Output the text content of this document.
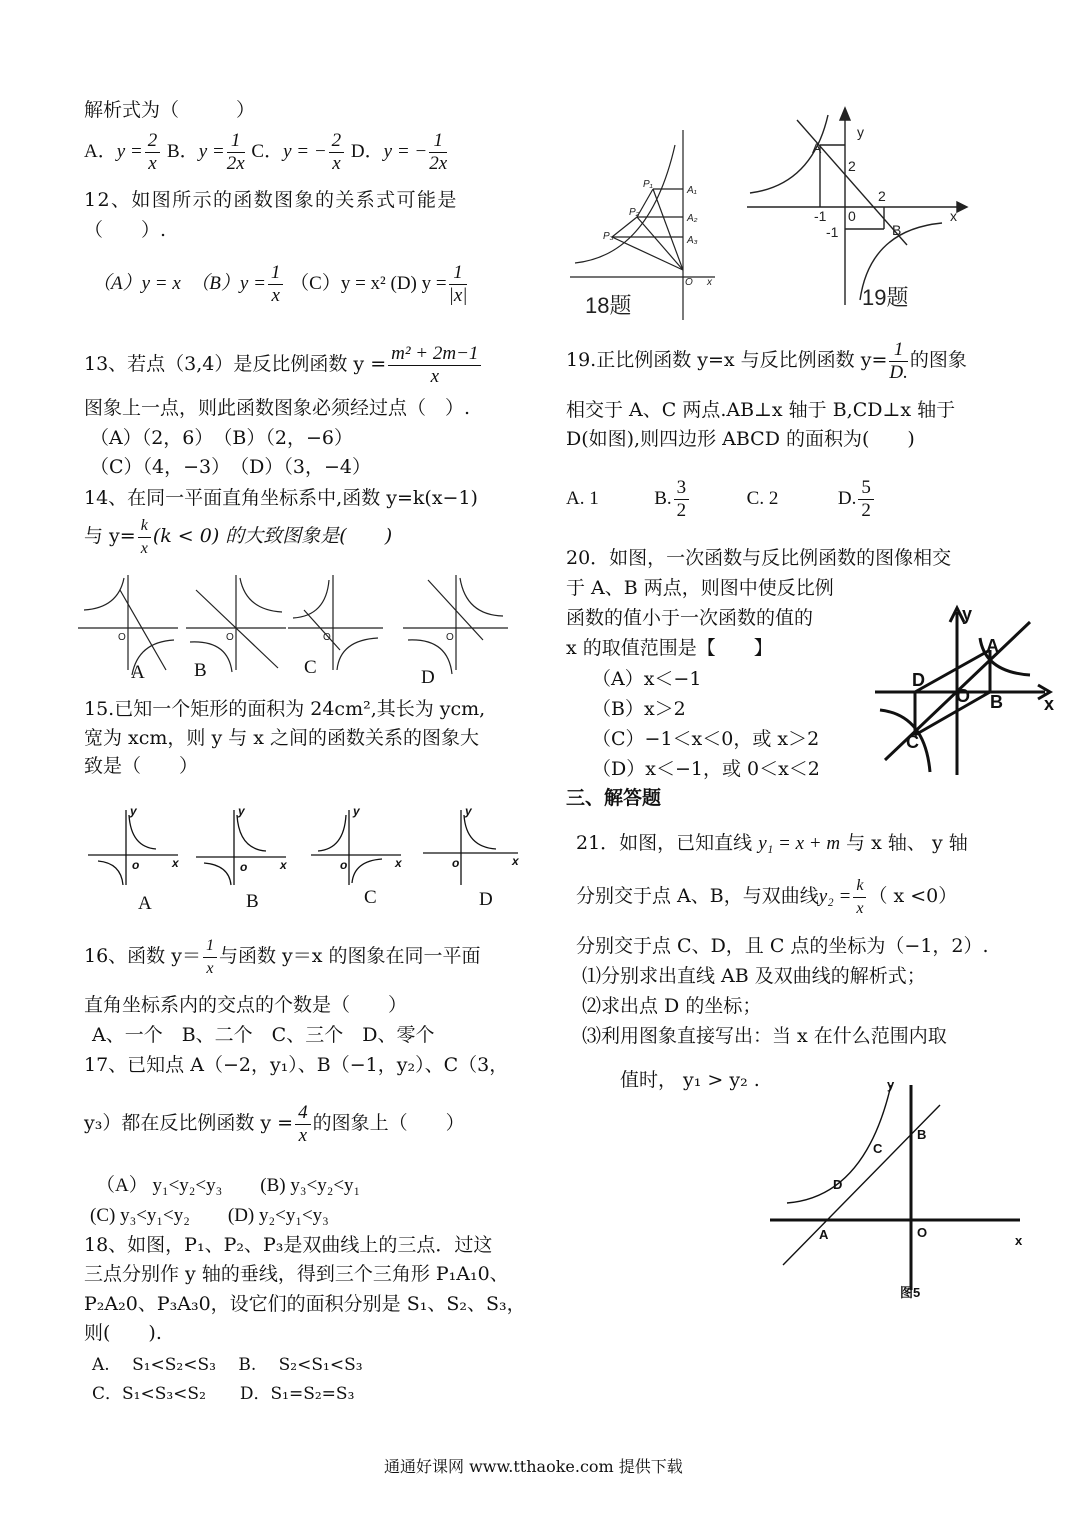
解析式为（　　　）
A．$y = \frac{2}{x}$ B．$y = \frac{1}{2x}$ C．y = − $\frac{2}{x}$ D．y = − $\frac{1}{2x}$
12、如图所示的函数图象的关系式可能是
（　　）.
（A）y = x　$(B)y = \frac{1}{x} (C)y = x^2$ (D) $y = \frac{1}{|x|}$
13、若点（3,4）是反比例函数 $y = \frac{\text{m² + 2m−1}}{x}$
图象上一点，则此函数图象必须经过点（　）.
（A）（2，6）　（B）（2，−6）
（C）（4，−3）　（D）（3，−4）
14、在同一平面直角坐标系中,函数 y=k(x−1)
与 $y= \frac{k}{x} (k < 0)$ 的大致图象是(　　)
O	O	O	O
A	B	C	D
15.已知一个矩形的面积为 24cm²,其长为 ycm,
宽为 xcm，则 y 与 x 之间的函数关系的图象大
致是（　　）
y	y	y	y
o	o	o	o
x	x	x	x
A	B	C	D
16、函数 $y= \frac{1}{x}$ 与函数 y＝x 的图象在同一平面
直角坐标系内的交点的个数是（　　）
A、一个　B、二个　C、三个　D、零个
17、已知点 A（−2，y₁）、B（−1，y₂）、C（3，
y₃）都在反比例函数 $y = \frac{4}{x}$ 的图象上（　　）
（A） y₁<y₂<y₃　　(B) y₃<y₂<y₁
(C) y₃<y₁<y₂　　(D) y₂<y₁<y₃
18、如图，P₁、P₂、P₃是双曲线上的三点．过这
三点分别作 y 轴的垂线，得到三个三角形 P₁A₁0、
P₂A₂0、P₃A₃0，设它们的面积分别是 S₁、S₂、S₃，
则(　　).
A.　 S₁<S₂<S₃　 B.　 S₂<S₁<S₃
C．S₁<S₃<S₂　　D．S₁=S₂=S₃
P₁
P₂
P₃
A₁
A₂
A₃
O x
18题
A
B
y
x
2
-1 0
2
-1
19题
19.正比例函数 y=x 与反比例函数 $y= \frac{1}{D.}$ 的图象
相交于 A、C 两点.AB⊥x 轴于 B,CD⊥x 轴于
D(如图),则四边形 ABCD 的面积为(　　)
A. 1	B. $\frac{3}{2}$	C. 2	D. $\frac{5}{2}$
20．如图，一次函数与反比例函数的图像相交
于 A、B 两点，则图中使反比例
函数的值小于一次函数的值的
x 的取值范围是【　　】
（A）x＜−1
（B）x＞2
（C）−1＜x＜0，或 x＞2
（D）x＜−1，或 0＜x＜2
y
x
A
B
C
D
O
三、解答题
21．如图，已知直线 y₁ = x + m 与 x 轴、 y 轴
分别交于点 A、B，与双曲线$y_2 = \frac{k}{x}$ （ x <0）
分别交于点 C、D，且 C 点的坐标为（−1，2）.
⑴分别求出直线 AB 及双曲线的解析式；
⑵求出点 D 的坐标；
⑶利用图象直接写出：当 x 在什么范围内取
值时， y₁ > y₂ .	y
x
A
B
C
D
O
图5
通通好课网 www.tthaoke.com 提供下载
